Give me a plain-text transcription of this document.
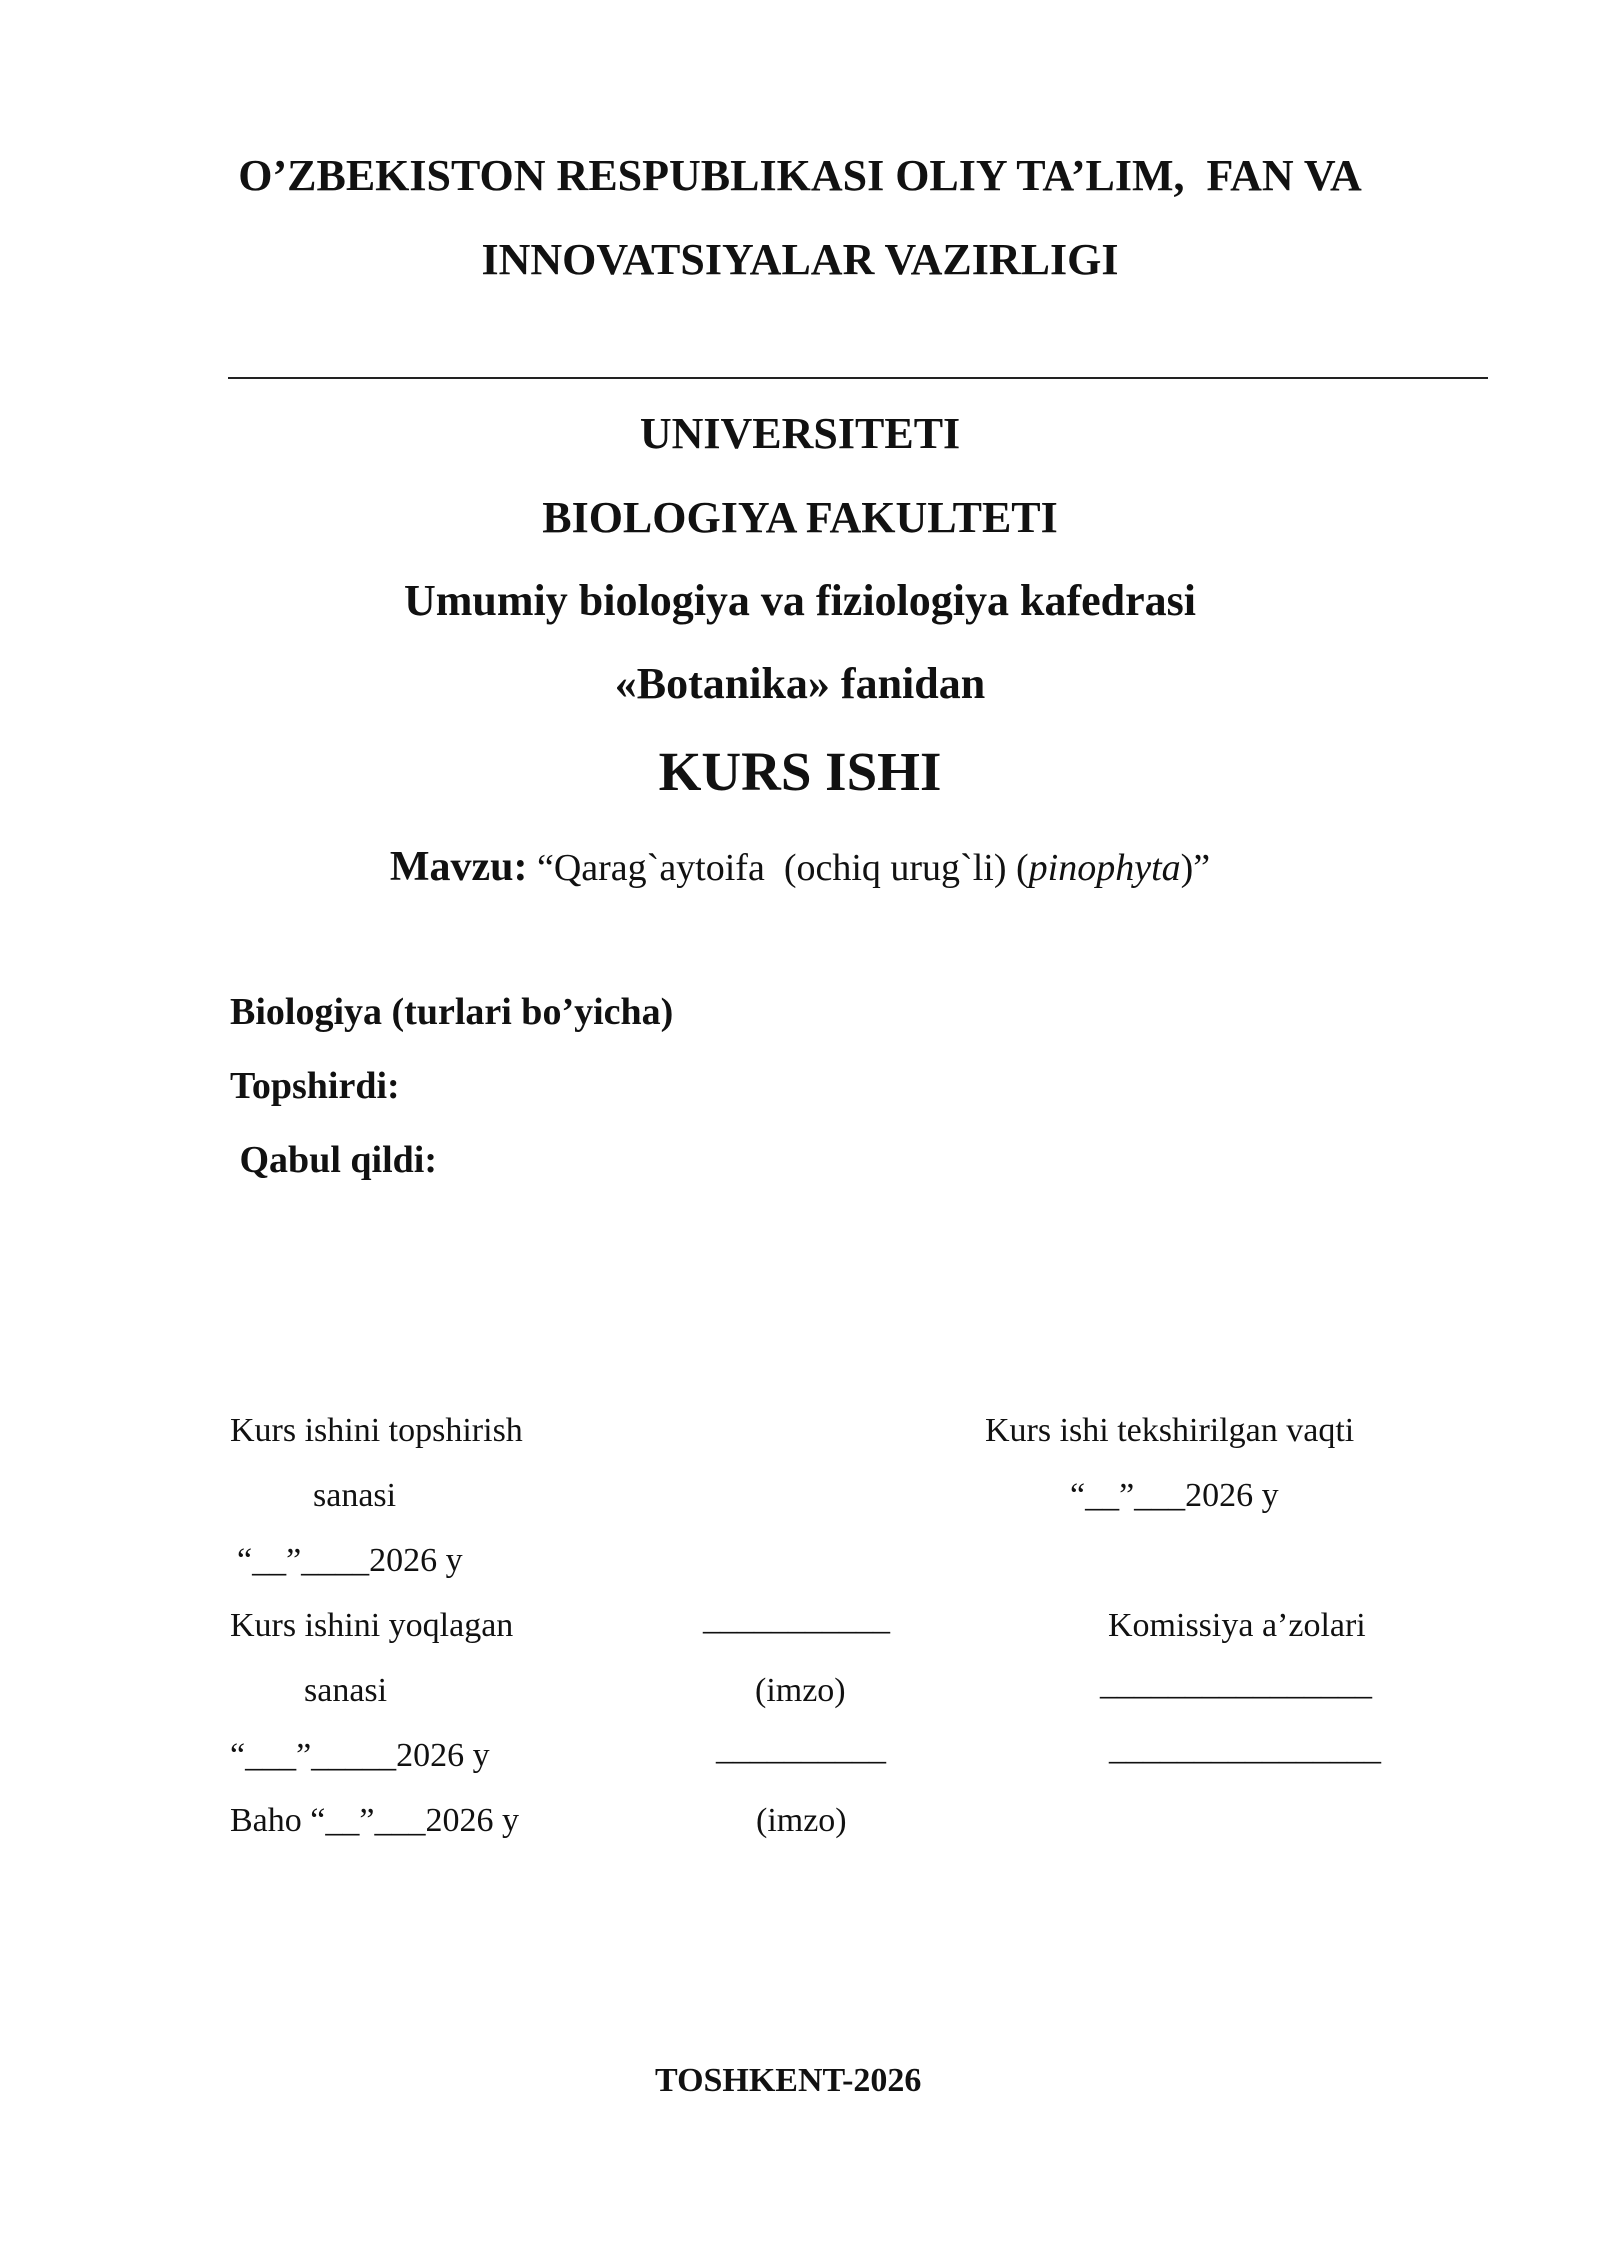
O’ZBEKISTON RESPUBLIKASI OLIY TA’LIM,  FAN VA
INNOVATSIYALAR VAZIRLIGI
UNIVERSITETI
BIOLOGIYA FAKULTETI
Umumiy biologiya va fiziologiya kafedrasi
«Botanika» fanidan
KURS ISHI
Mavzu: “Qarag`aytoifa  (ochiq urug`li) (pinophyta)”
Biologiya (turlari bo’yicha)
Topshirdi:
Qabul qildi:
Kurs ishini topshirish
sanasi
“__”____2026 y
Kurs ishi tekshirilgan vaqti
“__”___2026 y
Kurs ishini yoqlagan
sanasi
“___”_____2026 y
Baho “__”___2026 y
___________
(imzo)
__________
(imzo)
Komissiya a’zolari
________________
________________
TOSHKENT-2026
